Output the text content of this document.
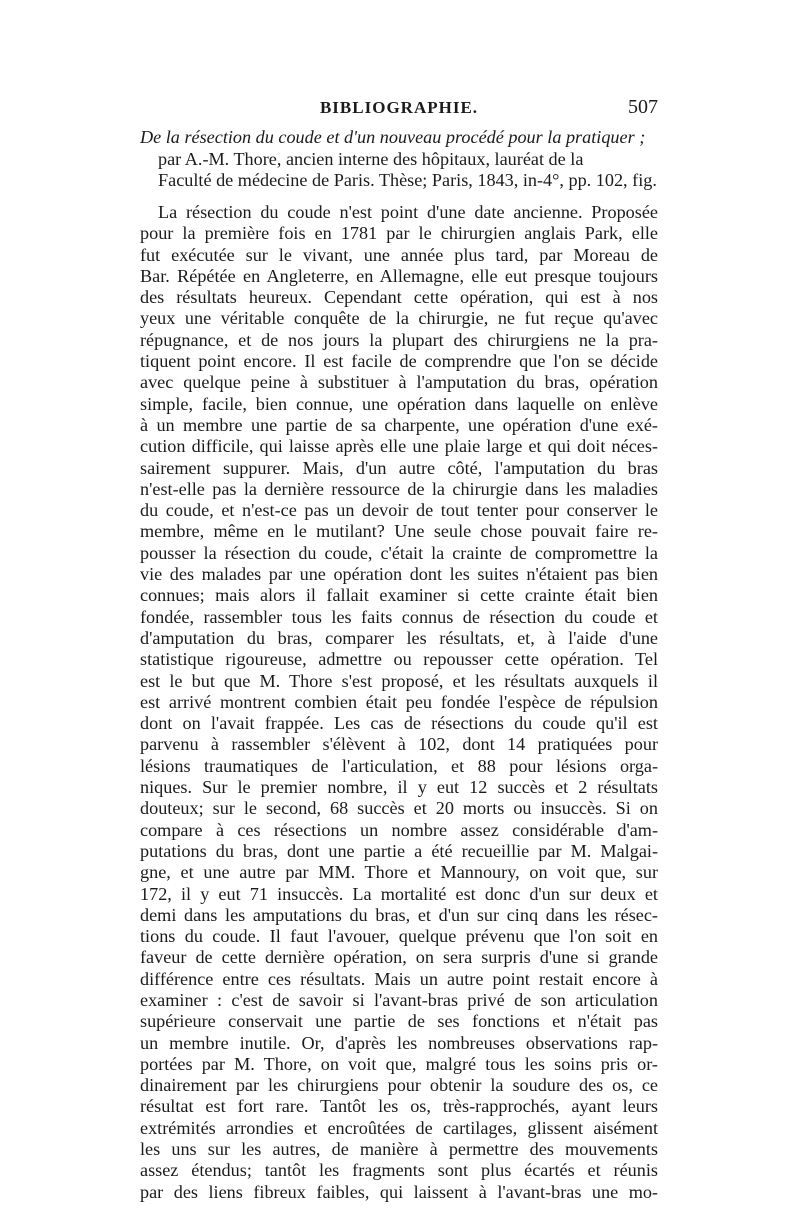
BIBLIOGRAPHIE.	507
De la résection du coude et d'un nouveau procédé pour la pratiquer ;
par A.-M. Thore, ancien interne des hôpitaux, lauréat de la
Faculté de médecine de Paris. Thèse; Paris, 1843, in-4°, pp. 102, fig.
La résection du coude n'est point d'une date ancienne. Proposée
pour la première fois en 1781 par le chirurgien anglais Park, elle
fut exécutée sur le vivant, une année plus tard, par Moreau de
Bar. Répétée en Angleterre, en Allemagne, elle eut presque toujours
des résultats heureux. Cependant cette opération, qui est à nos
yeux une véritable conquête de la chirurgie, ne fut reçue qu'avec
répugnance, et de nos jours la plupart des chirurgiens ne la pra-
tiquent point encore. Il est facile de comprendre que l'on se décide
avec quelque peine à substituer à l'amputation du bras, opération
simple, facile, bien connue, une opération dans laquelle on enlève
à un membre une partie de sa charpente, une opération d'une exé-
cution difficile, qui laisse après elle une plaie large et qui doit néces-
sairement suppurer. Mais, d'un autre côté, l'amputation du bras
n'est-elle pas la dernière ressource de la chirurgie dans les maladies
du coude, et n'est-ce pas un devoir de tout tenter pour conserver le
membre, même en le mutilant? Une seule chose pouvait faire re-
pousser la résection du coude, c'était la crainte de compromettre la
vie des malades par une opération dont les suites n'étaient pas bien
connues; mais alors il fallait examiner si cette crainte était bien
fondée, rassembler tous les faits connus de résection du coude et
d'amputation du bras, comparer les résultats, et, à l'aide d'une
statistique rigoureuse, admettre ou repousser cette opération. Tel
est le but que M. Thore s'est proposé, et les résultats auxquels il
est arrivé montrent combien était peu fondée l'espèce de répulsion
dont on l'avait frappée. Les cas de résections du coude qu'il est
parvenu à rassembler s'élèvent à 102, dont 14 pratiquées pour
lésions traumatiques de l'articulation, et 88 pour lésions orga-
niques. Sur le premier nombre, il y eut 12 succès et 2 résultats
douteux; sur le second, 68 succès et 20 morts ou insuccès. Si on
compare à ces résections un nombre assez considérable d'am-
putations du bras, dont une partie a été recueillie par M. Malgai-
gne, et une autre par MM. Thore et Mannoury, on voit que, sur
172, il y eut 71 insuccès. La mortalité est donc d'un sur deux et
demi dans les amputations du bras, et d'un sur cinq dans les résec-
tions du coude. Il faut l'avouer, quelque prévenu que l'on soit en
faveur de cette dernière opération, on sera surpris d'une si grande
différence entre ces résultats. Mais un autre point restait encore à
examiner : c'est de savoir si l'avant-bras privé de son articulation
supérieure conservait une partie de ses fonctions et n'était pas
un membre inutile. Or, d'après les nombreuses observations rap-
portées par M. Thore, on voit que, malgré tous les soins pris or-
dinairement par les chirurgiens pour obtenir la soudure des os, ce
résultat est fort rare. Tantôt les os, très-rapprochés, ayant leurs
extrémités arrondies et encroûtées de cartilages, glissent aisément
les uns sur les autres, de manière à permettre des mouvements
assez étendus; tantôt les fragments sont plus écartés et réunis
par des liens fibreux faibles, qui laissent à l'avant-bras une mo-
